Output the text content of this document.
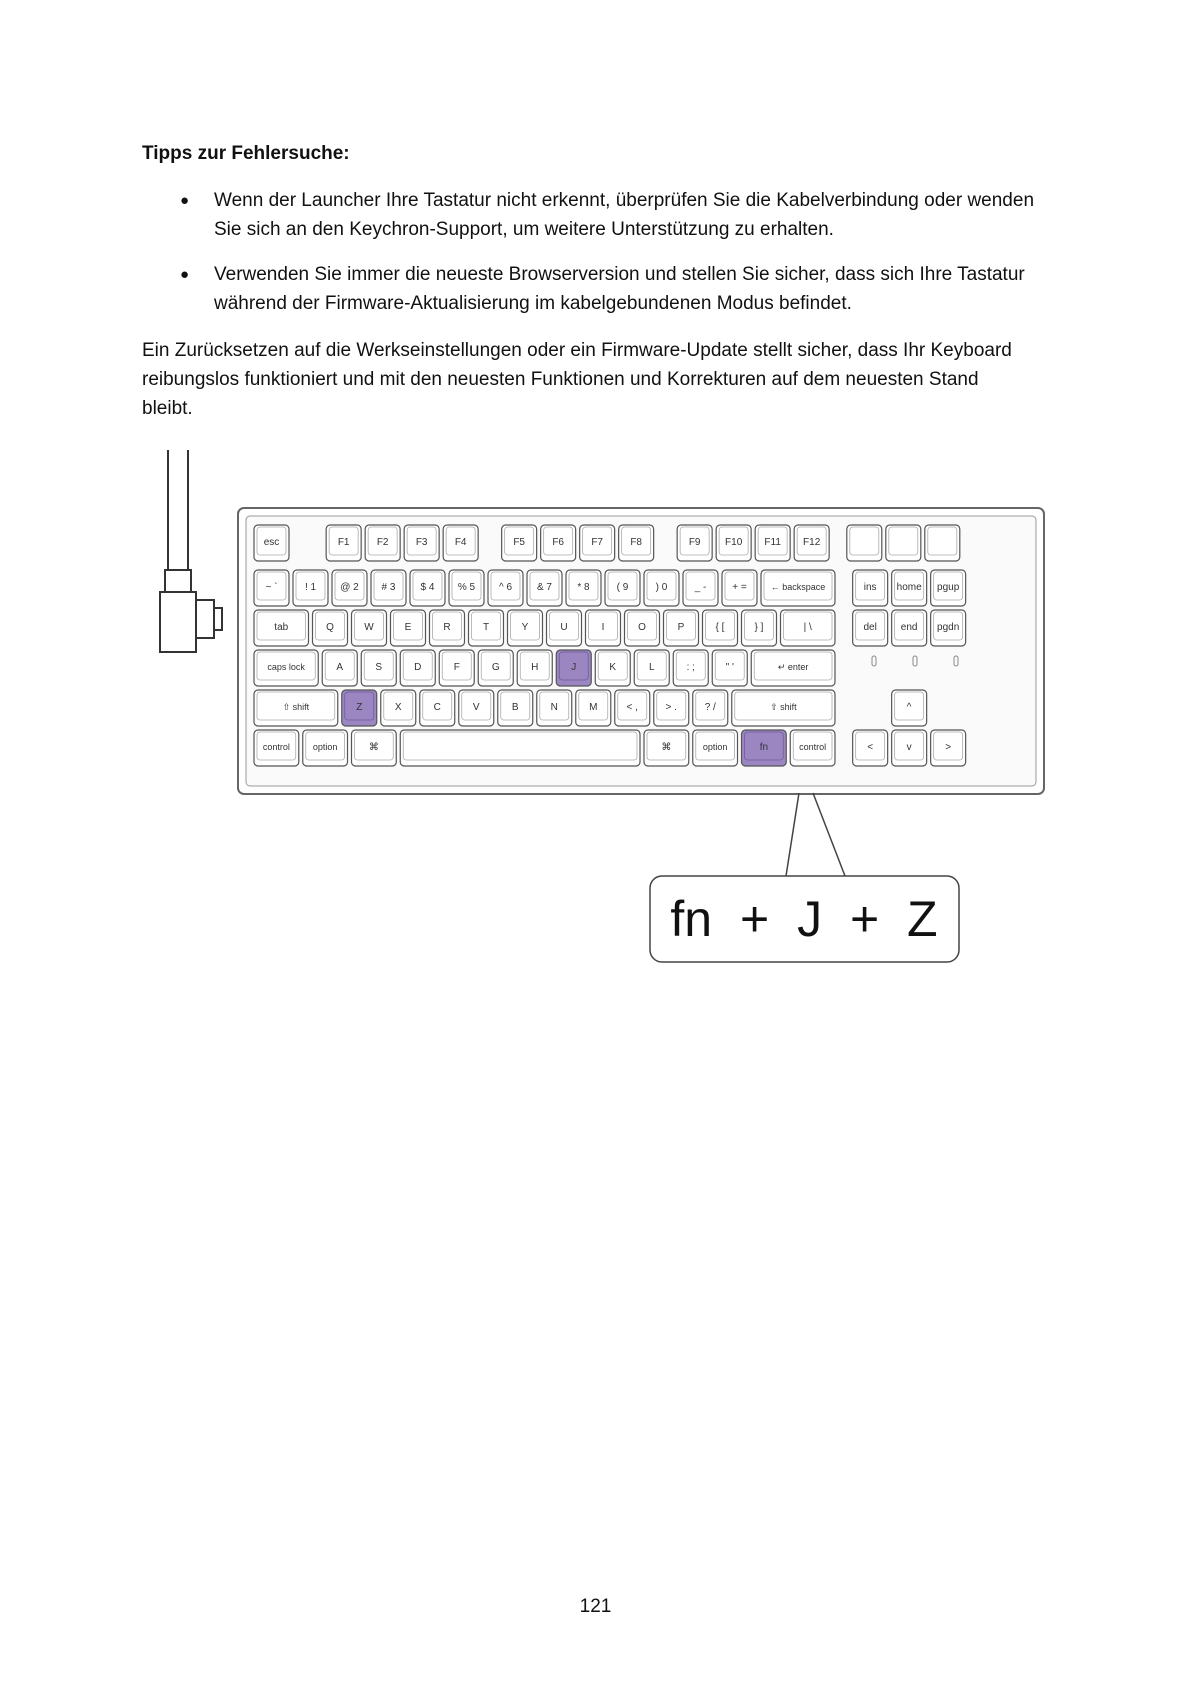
Tipps zur Fehlersuche:
● Wenn der Launcher Ihre Tastatur nicht erkennt, überprüfen Sie die Kabelverbindung oder wenden Sie sich an den Keychron-Support, um weitere Unterstützung zu erhalten.
● Verwenden Sie immer die neueste Browserversion und stellen Sie sicher, dass sich Ihre Tastatur während der Firmware-Aktualisierung im kabelgebundenen Modus befindet.

Ein Zurücksetzen auf die Werkseinstellungen oder ein Firmware-Update stellt sicher, dass Ihr Keyboard reibungslos funktioniert und mit den neuesten Funktionen und Korrekturen auf dem neuesten Stand bleibt.

esc	F1	F2	F3	F4	F5	F6	F7	F8	F9 F10 F11 F12
~ `	! 1 @ 2 # 3	$ 4 % 5 ^ 6 & 7	* 8	( 9	) 0	_ -	+ =	← backspace	ins home pgup
tab	Q	W	E	R	T	Y	U	I	O	P	{ [	} ]	| \	del end pgdn
caps lock	A	S	D	F	G	H	J	K	L	: ;	" '	↵ enter
⇧ shift	Z	X	C	V	B	N	M	< ,	> .	? /	⇧ shift	^
control	option	⌘	⌘	option	fn	control	<	v	>
fn + J + Z
121
